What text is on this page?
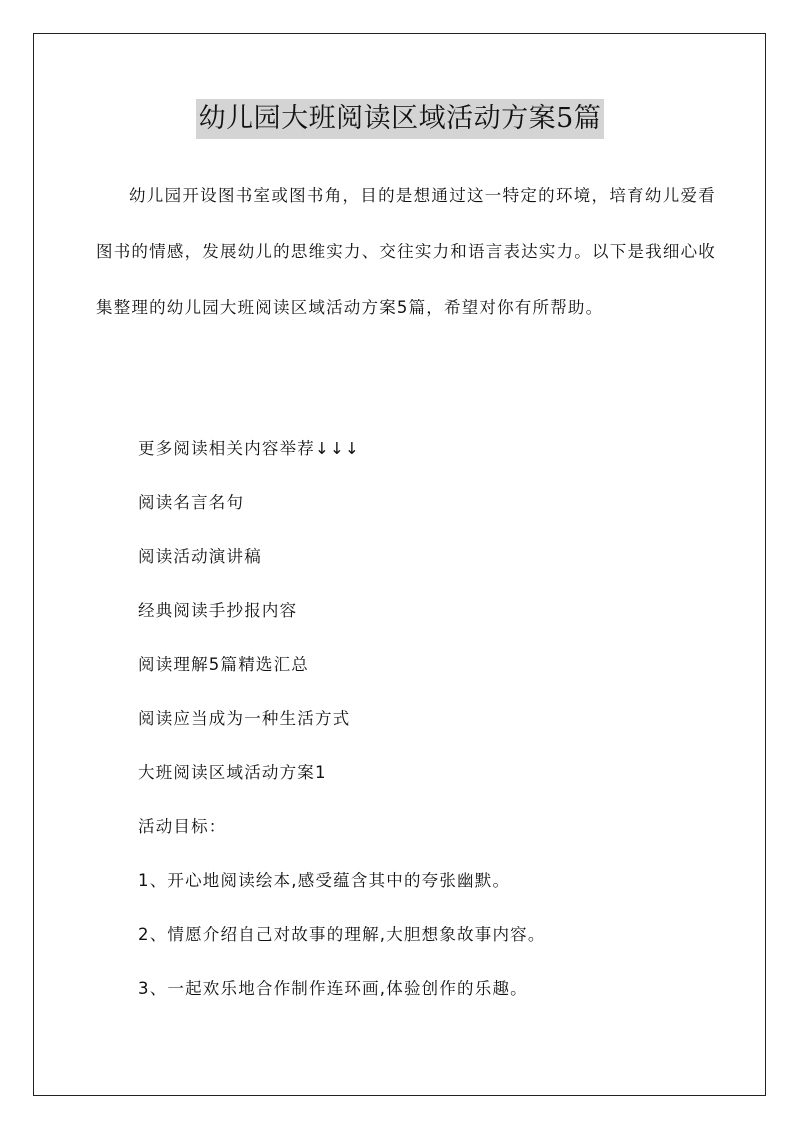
幼儿园大班阅读区域活动方案5篇

幼儿园开设图书室或图书角，目的是想通过这一特定的环境，培育幼儿爱看图书的情感，发展幼儿的思维实力、交往实力和语言表达实力。以下是我细心收集整理的幼儿园大班阅读区域活动方案5篇，希望对你有所帮助。

更多阅读相关内容举荐↓↓↓
阅读名言名句
阅读活动演讲稿
经典阅读手抄报内容
阅读理解5篇精选汇总
阅读应当成为一种生活方式
大班阅读区域活动方案1
活动目标：
1、开心地阅读绘本,感受蕴含其中的夸张幽默。
2、情愿介绍自己对故事的理解,大胆想象故事内容。
3、一起欢乐地合作制作连环画,体验创作的乐趣。
